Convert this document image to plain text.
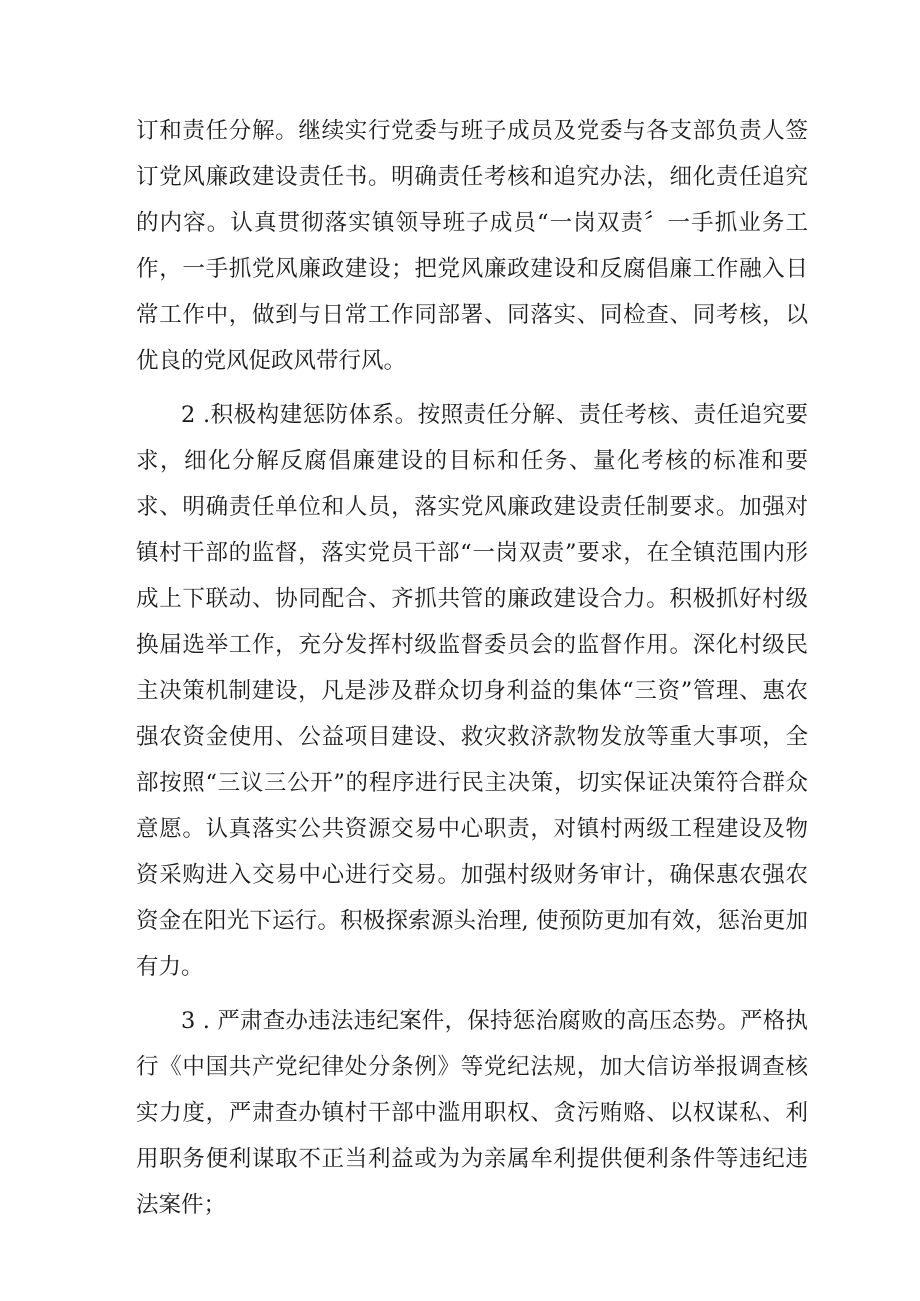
订和责任分解。继续实行党委与班子成员及党委与各支部负责人签订党风廉政建设责任书。明确责任考核和追究办法，细化责任追究的内容。认真贯彻落实镇领导班子成员“一岗双责〞一手抓业务工作，一手抓党风廉政建设；把党风廉政建设和反腐倡廉工作融入日常工作中，做到与日常工作同部署、同落实、同检查、同考核，以优良的党风促政风带行风。

2 .积极构建惩防体系。按照责任分解、责任考核、责任追究要求，细化分解反腐倡廉建设的目标和任务、量化考核的标准和要求、明确责任单位和人员，落实党风廉政建设责任制要求。加强对镇村干部的监督，落实党员干部“一岗双责”要求，在全镇范围内形成上下联动、协同配合、齐抓共管的廉政建设合力。积极抓好村级换届选举工作，充分发挥村级监督委员会的监督作用。深化村级民主决策机制建设，凡是涉及群众切身利益的集体“三资”管理、惠农强农资金使用、公益项目建设、救灾救济款物发放等重大事项，全部按照“三议三公开”的程序进行民主决策，切实保证决策符合群众意愿。认真落实公共资源交易中心职责，对镇村两级工程建设及物资采购进入交易中心进行交易。加强村级财务审计，确保惠农强农资金在阳光下运行。积极探索源头治理, 使预防更加有效，惩治更加有力。

3 . 严肃查办违法违纪案件，保持惩治腐败的高压态势。严格执行《中国共产党纪律处分条例》等党纪法规，加大信访举报调查核实力度，严肃查办镇村干部中滥用职权、贪污贿赂、以权谋私、利用职务便利谋取不正当利益或为为亲属牟利提供便利条件等违纪违法案件；
